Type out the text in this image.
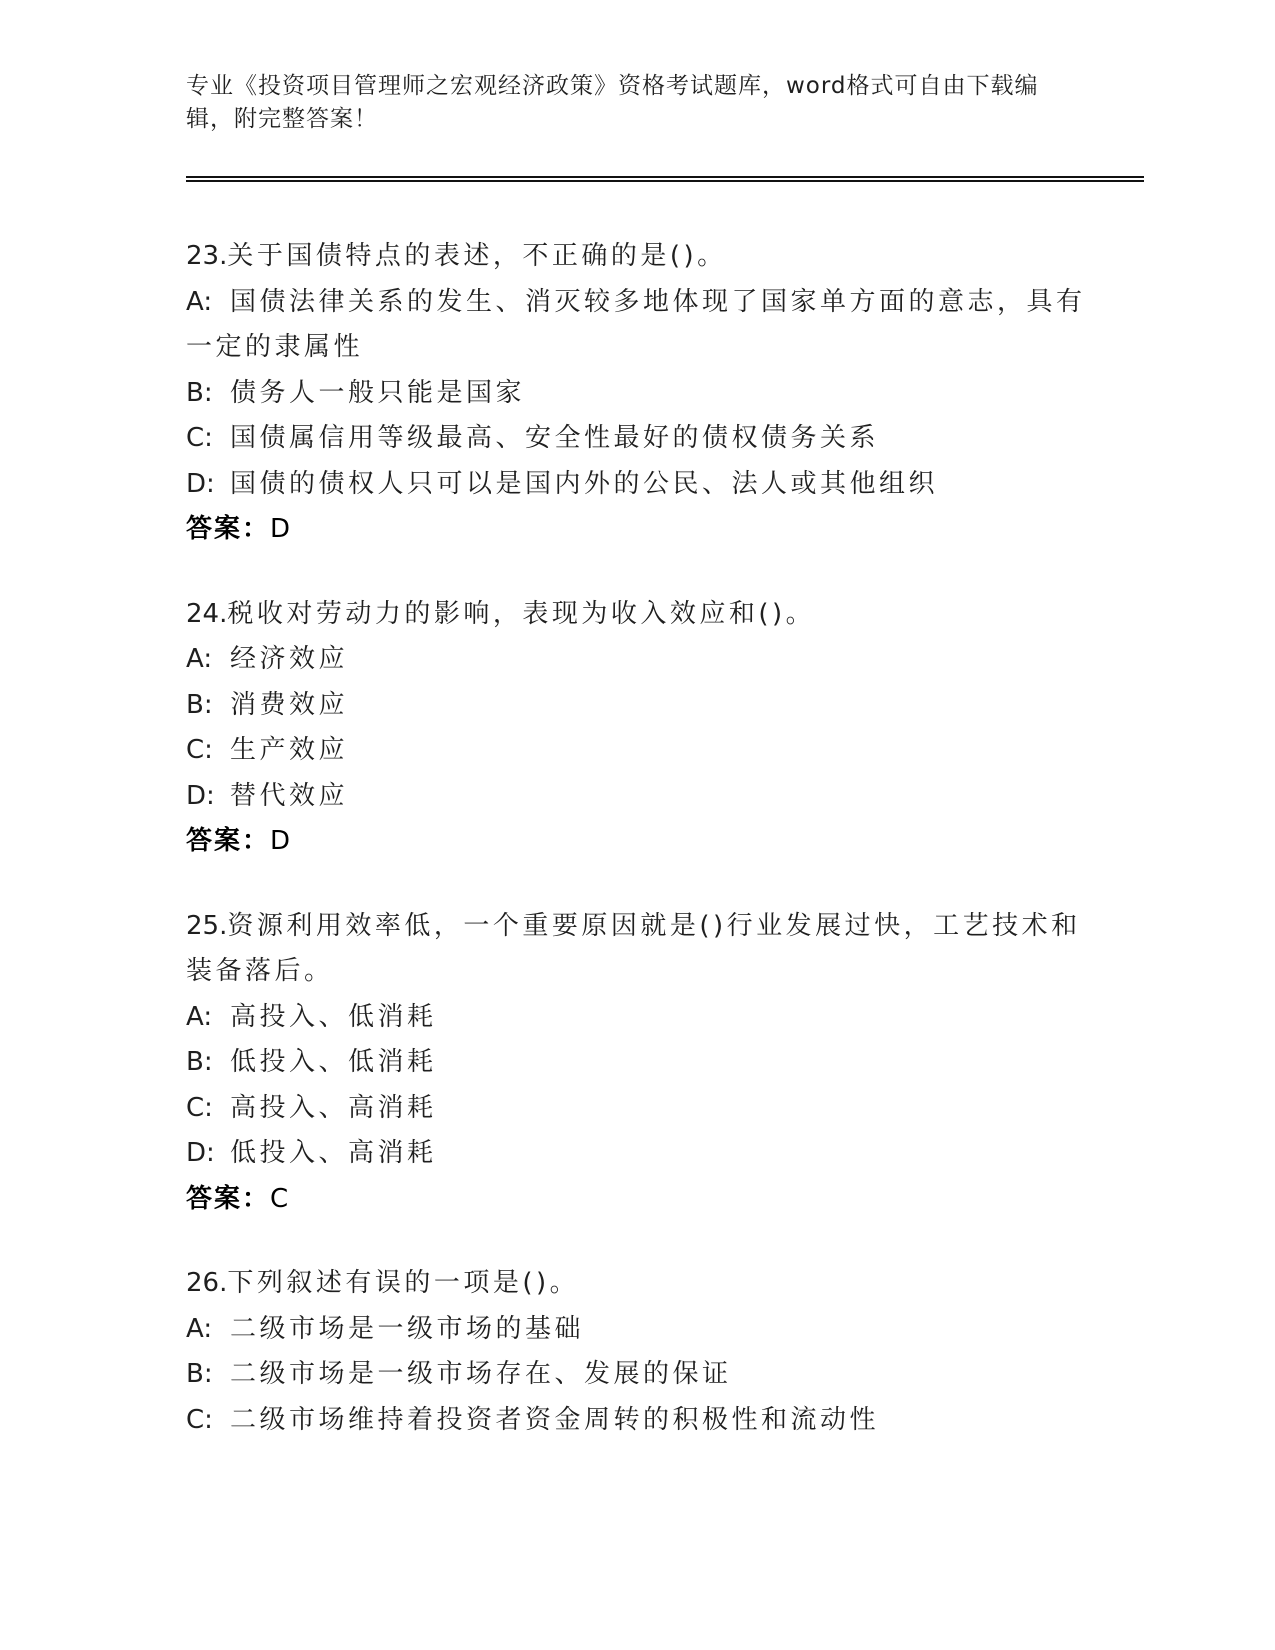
专业《投资项目管理师之宏观经济政策》资格考试题库，word格式可自由下载编辑，附完整答案！

23.关于国债特点的表述，不正确的是()。

A: 国债法律关系的发生、消灭较多地体现了国家单方面的意志，具有一定的隶属性

B: 债务人一般只能是国家

C: 国债属信用等级最高、安全性最好的债权债务关系

D: 国债的债权人只可以是国内外的公民、法人或其他组织

答案：D

24.税收对劳动力的影响，表现为收入效应和()。

A: 经济效应

B: 消费效应

C: 生产效应

D: 替代效应

答案：D

25.资源利用效率低，一个重要原因就是()行业发展过快，工艺技术和装备落后。

A: 高投入、低消耗

B: 低投入、低消耗

C: 高投入、高消耗

D: 低投入、高消耗

答案：C

26.下列叙述有误的一项是()。

A: 二级市场是一级市场的基础

B: 二级市场是一级市场存在、发展的保证

C: 二级市场维持着投资者资金周转的积极性和流动性
